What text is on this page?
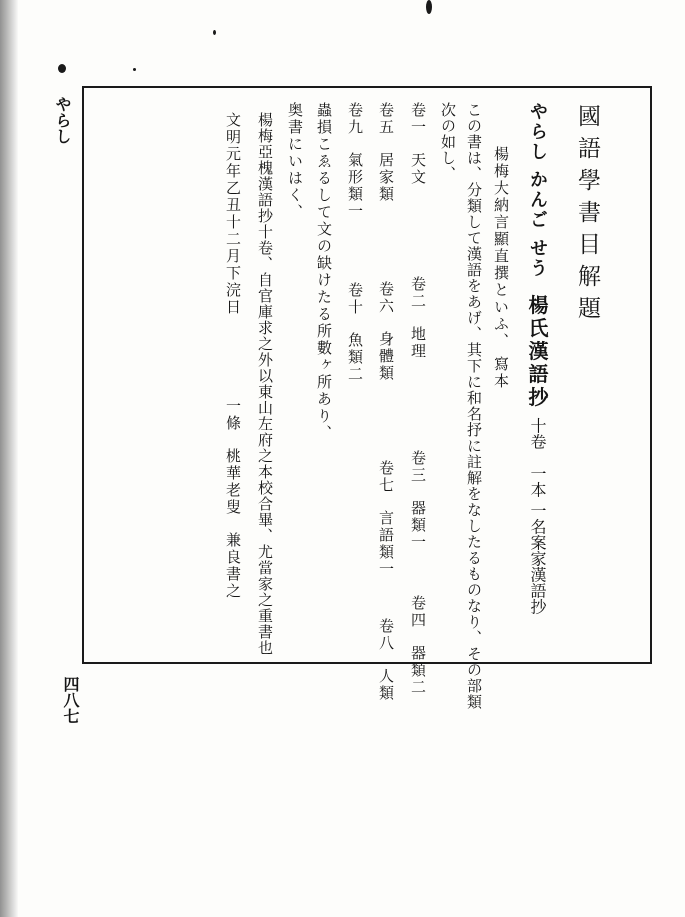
やらし
四八七
國語學書目解題
やらし かんご せう楊氏漢語抄十卷一本 一名案家漢語抄
楊梅大納言顯直撰といふ、寫本
この書は、分類して漢語をあげ、其下に和名抒に註解をなしたるものなり、その部類
次の如し、
卷一天文卷二地理卷三器類一卷四器類二
卷五居家類卷六身體類卷七言語類一卷八人類
卷九氣形類一卷十魚類二
蟲損こゑるして文の缺けたる所數ヶ所あり、
奥書にいはく、
楊梅亞槐漢語抄十卷、自官庫求之外以東山左府之本校合畢、尤當家之重書也
文明元年乙丑十二月下浣日一條桃華老叟兼良書之
